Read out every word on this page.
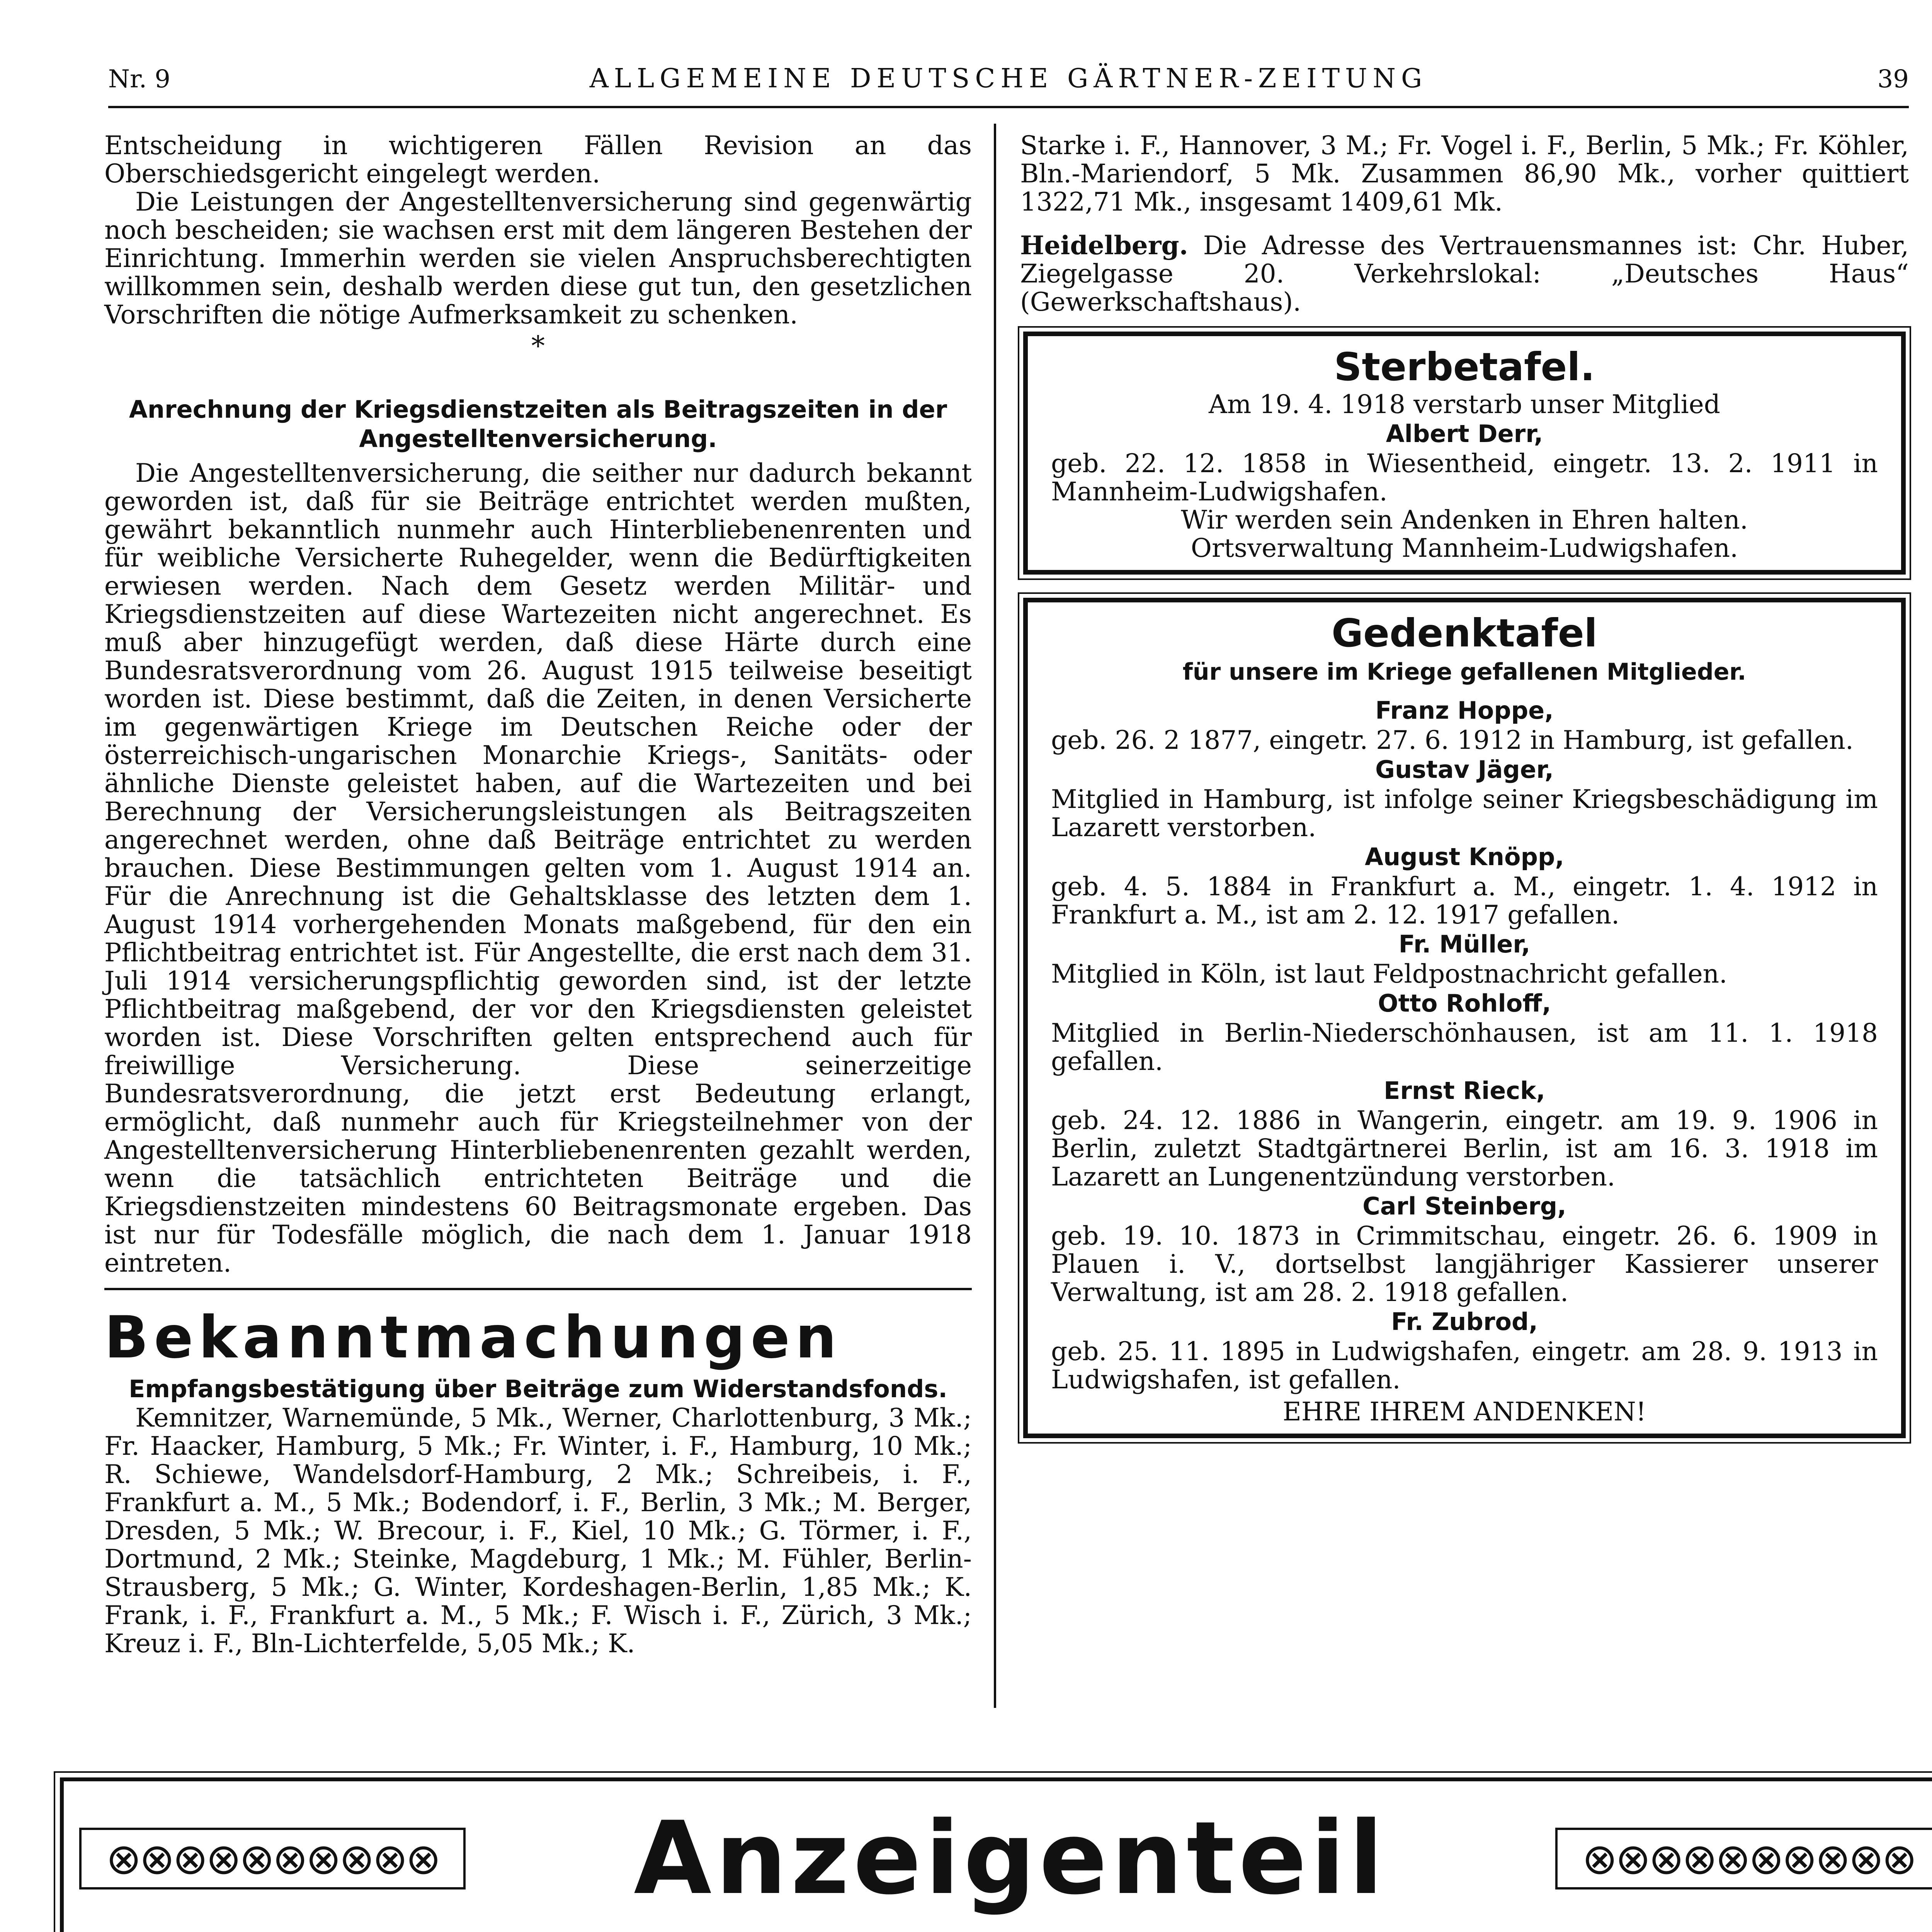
Nr. 9	ALLGEMEINE DEUTSCHE GÄRTNER-ZEITUNG	39

Entscheidung in wichtigeren Fällen Revision an das Oberschiedsgericht eingelegt werden.

Die Leistungen der Angestelltenversicherung sind gegenwärtig noch bescheiden; sie wachsen erst mit dem längeren Bestehen der Einrichtung. Immerhin werden sie vielen Anspruchsberechtigten willkommen sein, deshalb werden diese gut tun, den gesetzlichen Vorschriften die nötige Aufmerksamkeit zu schenken.

*
Anrechnung der Kriegsdienstzeiten als Beitragszeiten in der Angestelltenversicherung.

Die Angestelltenversicherung, die seither nur dadurch bekannt geworden ist, daß für sie Beiträge entrichtet werden mußten, gewährt bekanntlich nunmehr auch Hinterbliebenenrenten und für weibliche Versicherte Ruhegelder, wenn die Bedürftigkeiten erwiesen werden. Nach dem Gesetz werden Militär- und Kriegsdienstzeiten auf diese Wartezeiten nicht angerechnet. Es muß aber hinzugefügt werden, daß diese Härte durch eine Bundesratsverordnung vom 26. August 1915 teilweise beseitigt worden ist. Diese bestimmt, daß die Zeiten, in denen Versicherte im gegenwärtigen Kriege im Deutschen Reiche oder der österreichisch-ungarischen Monarchie Kriegs-, Sanitäts- oder ähnliche Dienste geleistet haben, auf die Wartezeiten und bei Berechnung der Versicherungsleistungen als Beitragszeiten angerechnet werden, ohne daß Beiträge entrichtet zu werden brauchen. Diese Bestimmungen gelten vom 1. August 1914 an. Für die Anrechnung ist die Gehaltsklasse des letzten dem 1. August 1914 vorhergehenden Monats maßgebend, für den ein Pflichtbeitrag entrichtet ist. Für Angestellte, die erst nach dem 31. Juli 1914 versicherungspflichtig geworden sind, ist der letzte Pflichtbeitrag maßgebend, der vor den Kriegsdiensten geleistet worden ist. Diese Vorschriften gelten entsprechend auch für freiwillige Versicherung. Diese seinerzeitige Bundesratsverordnung, die jetzt erst Bedeutung erlangt, ermöglicht, daß nunmehr auch für Kriegsteilnehmer von der Angestelltenversicherung Hinterbliebenenrenten gezahlt werden, wenn die tatsächlich entrichteten Beiträge und die Kriegsdienstzeiten mindestens 60 Beitragsmonate ergeben. Das ist nur für Todesfälle möglich, die nach dem 1. Januar 1918 eintreten.

Bekanntmachungen
Empfangsbestätigung über Beiträge zum Widerstandsfonds.

Kemnitzer, Warnemünde, 5 Mk., Werner, Charlottenburg, 3 Mk.; Fr. Haacker, Hamburg, 5 Mk.; Fr. Winter, i. F., Hamburg, 10 Mk.; R. Schiewe, Wandelsdorf-Hamburg, 2 Mk.; Schreibeis, i. F., Frankfurt a. M., 5 Mk.; Bodendorf, i. F., Berlin, 3 Mk.; M. Berger, Dresden, 5 Mk.; W. Brecour, i. F., Kiel, 10 Mk.; G. Törmer, i. F., Dortmund, 2 Mk.; Steinke, Magdeburg, 1 Mk.; M. Fühler, Berlin-Strausberg, 5 Mk.; G. Winter, Kordeshagen-Berlin, 1,85 Mk.; K. Frank, i. F., Frankfurt a. M., 5 Mk.; F. Wisch i. F., Zürich, 3 Mk.; Kreuz i. F., Bln-Lichterfelde, 5,05 Mk.; K.

Starke i. F., Hannover, 3 M.; Fr. Vogel i. F., Berlin, 5 Mk.; Fr. Köhler, Bln.-Mariendorf, 5 Mk. Zusammen 86,90 Mk., vorher quittiert 1322,71 Mk., insgesamt 1409,61 Mk.

Heidelberg. Die Adresse des Vertrauensmannes ist: Chr. Huber, Ziegelgasse 20. Verkehrslokal: „Deutsches Haus“ (Gewerkschaftshaus).

Sterbetafel.
Am 19. 4. 1918 verstarb unser Mitglied
Albert Derr,
geb. 22. 12. 1858 in Wiesentheid, eingetr. 13. 2. 1911 in Mannheim-Ludwigshafen.
Wir werden sein Andenken in Ehren halten.
Ortsverwaltung Mannheim-Ludwigshafen.
Gedenktafel
für unsere im Kriege gefallenen Mitglieder.
Franz Hoppe,
geb. 26. 2 1877, eingetr. 27. 6. 1912 in Hamburg, ist gefallen.
Gustav Jäger,
Mitglied in Hamburg, ist infolge seiner Kriegsbeschädigung im Lazarett verstorben.
August Knöpp,
geb. 4. 5. 1884 in Frankfurt a. M., eingetr. 1. 4. 1912 in Frankfurt a. M., ist am 2. 12. 1917 gefallen.
Fr. Müller,
Mitglied in Köln, ist laut Feldpostnachricht gefallen.
Otto Rohloff,
Mitglied in Berlin-Niederschönhausen, ist am 11. 1. 1918 gefallen.
Ernst Rieck,
geb. 24. 12. 1886 in Wangerin, eingetr. am 19. 9. 1906 in Berlin, zuletzt Stadtgärtnerei Berlin, ist am 16. 3. 1918 im Lazarett an Lungenentzündung verstorben.
Carl Steinberg,
geb. 19. 10. 1873 in Crimmitschau, eingetr. 26. 6. 1909 in Plauen i. V., dortselbst langjähriger Kassierer unserer Verwaltung, ist am 28. 2. 1918 gefallen.
Fr. Zubrod,
geb. 25. 11. 1895 in Ludwigshafen, eingetr. am 28. 9. 1913 in Ludwigshafen, ist gefallen.
EHRE IHREM ANDENKEN!
⊗⊗⊗⊗⊗⊗⊗⊗⊗⊗	Anzeigenteil	⊗⊗⊗⊗⊗⊗⊗⊗⊗⊗
